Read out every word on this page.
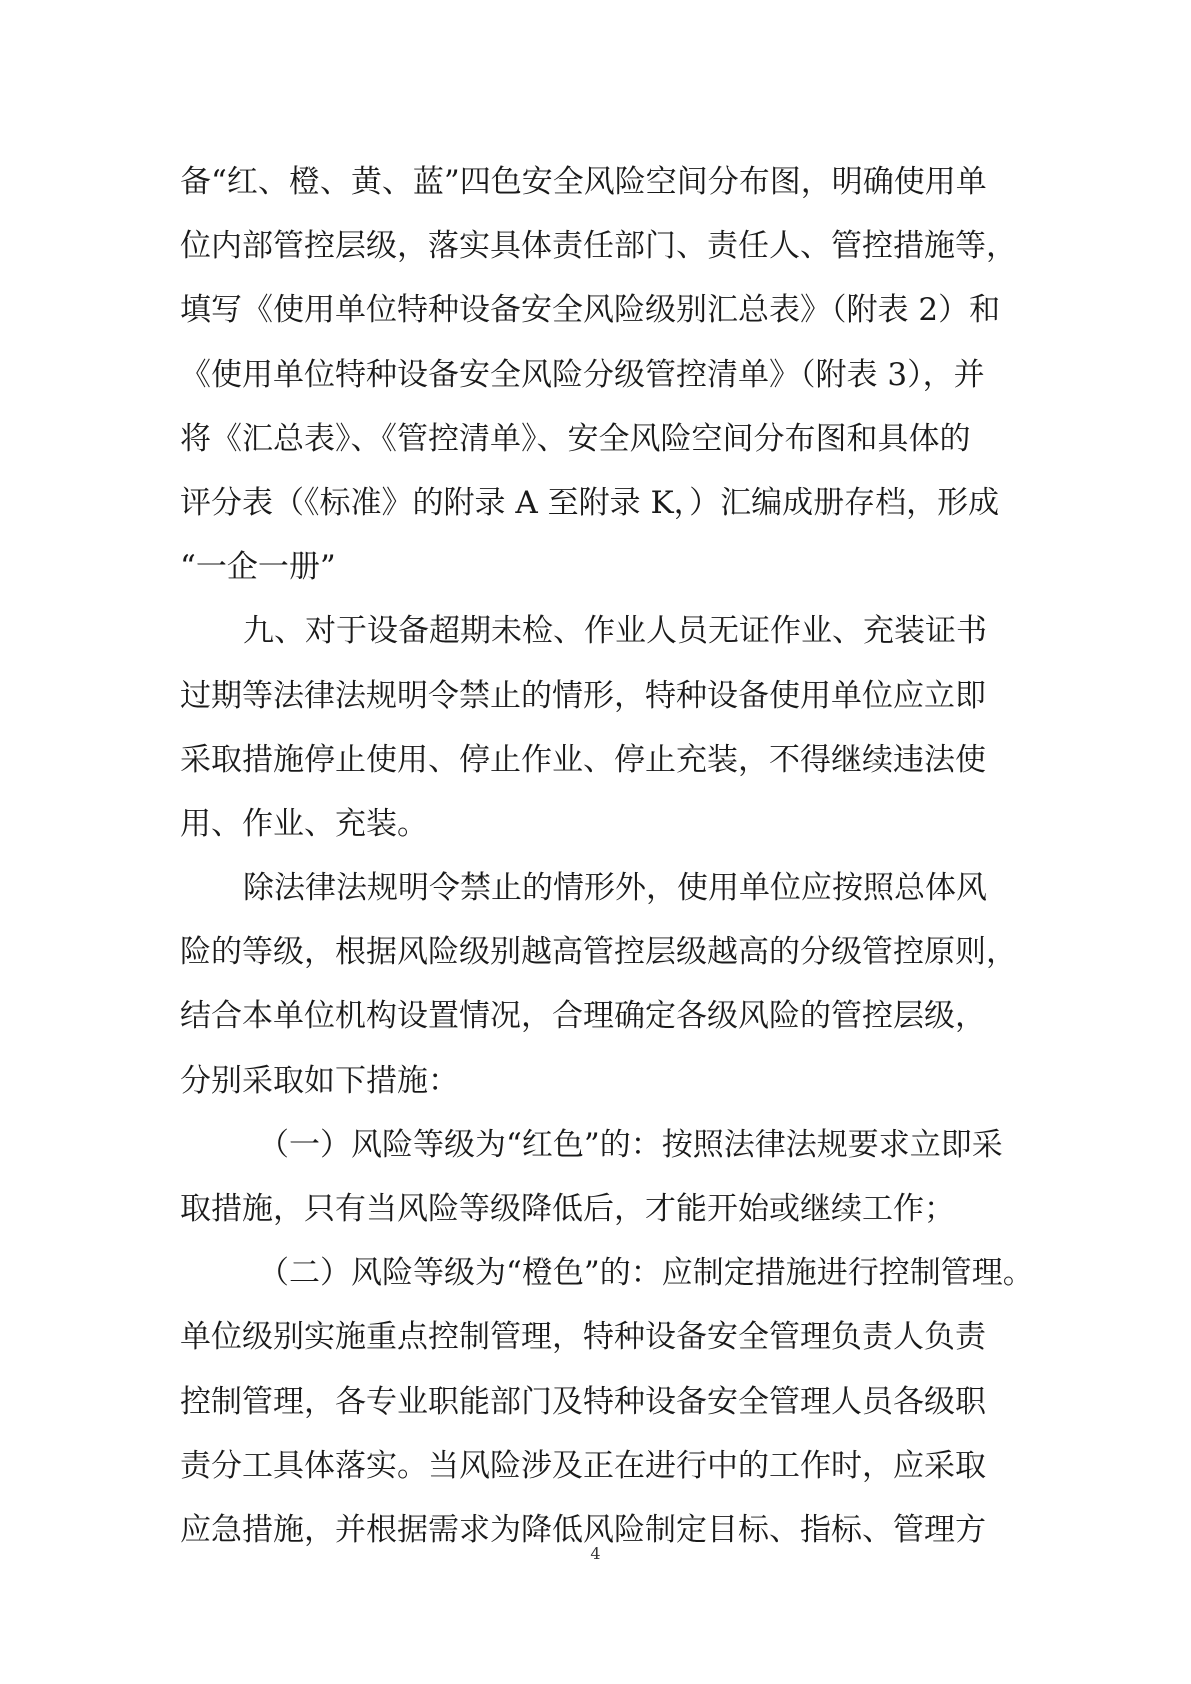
备“红、橙、黄、蓝”四色安全风险空间分布图，明确使用单
位内部管控层级，落实具体责任部门、责任人、管控措施等，
填写《使用单位特种设备安全风险级别汇总表》（附表 2）和
《使用单位特种设备安全风险分级管控清单》（附表 3），并
将《汇总表》、《管控清单》、安全风险空间分布图和具体的
评分表（《标准》的附录 A 至附录 K，）汇编成册存档，形成
“一企一册”
九、对于设备超期未检、作业人员无证作业、充装证书
过期等法律法规明令禁止的情形，特种设备使用单位应立即
采取措施停止使用、停止作业、停止充装，不得继续违法使
用、作业、充装。
除法律法规明令禁止的情形外，使用单位应按照总体风
险的等级，根据风险级别越高管控层级越高的分级管控原则，
结合本单位机构设置情况，合理确定各级风险的管控层级，
分别采取如下措施：
（一）风险等级为“红色”的：按照法律法规要求立即采
取措施，只有当风险等级降低后，才能开始或继续工作；
（二）风险等级为“橙色”的：应制定措施进行控制管理。
单位级别实施重点控制管理，特种设备安全管理负责人负责
控制管理，各专业职能部门及特种设备安全管理人员各级职
责分工具体落实。当风险涉及正在进行中的工作时，应采取
应急措施，并根据需求为降低风险制定目标、指标、管理方
4
